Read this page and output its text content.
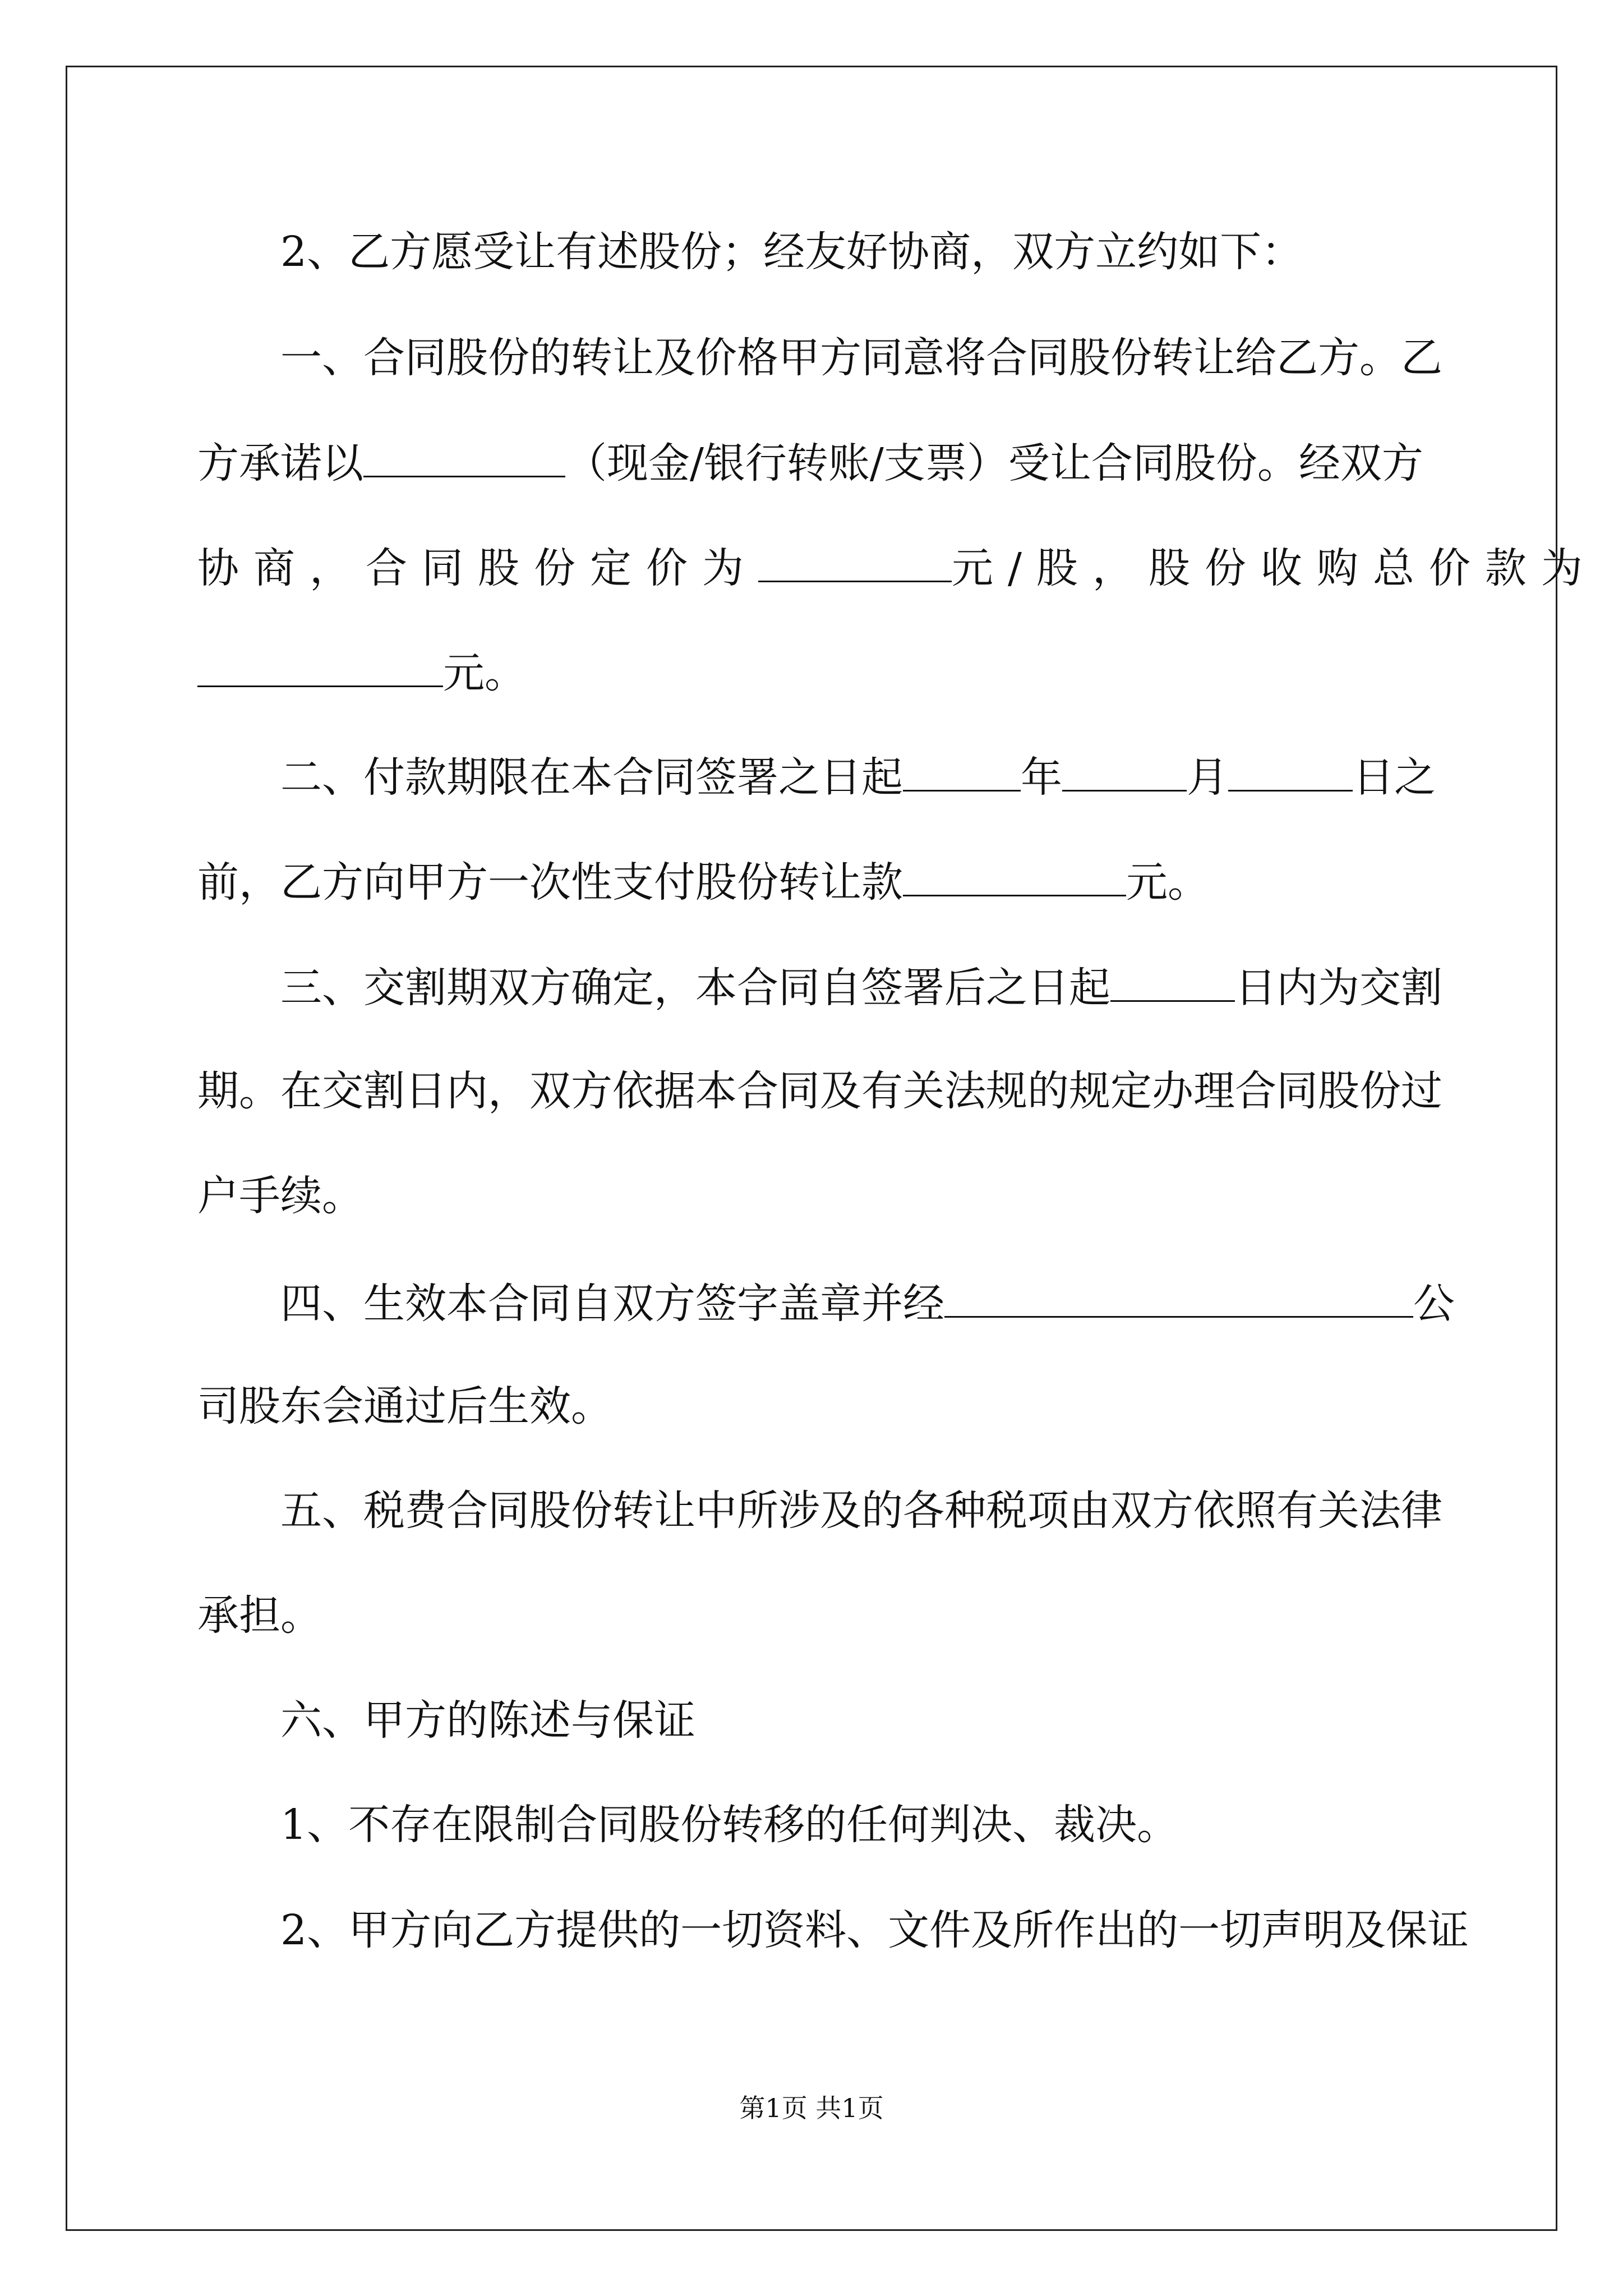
2、乙方愿受让有述股份；经友好协商，双方立约如下：
一、合同股份的转让及价格甲方同意将合同股份转让给乙方。乙
方承诺以	（现金/银行转账/支票）受让合同股份。经双方
协商，合同股份定价为	元/股，股份收购总价款为
元。
二、付款期限在本合同签署之日起	年	月	日之
前，乙方向甲方一次性支付股份转让款	元。
三、交割期双方确定，本合同自签署后之日起	日内为交割
期。在交割日内，双方依据本合同及有关法规的规定办理合同股份过
户手续。
四、生效本合同自双方签字盖章并经	公
司股东会通过后生效。
五、税费合同股份转让中所涉及的各种税项由双方依照有关法律
承担。
六、甲方的陈述与保证
1、不存在限制合同股份转移的任何判决、裁决。
2、甲方向乙方提供的一切资料、文件及所作出的一切声明及保证
第1页 共1页
